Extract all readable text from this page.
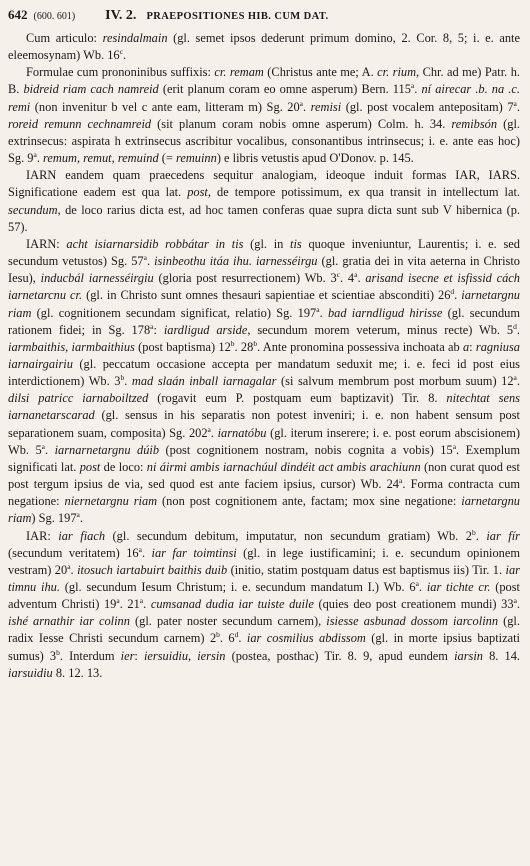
642 (600. 601) IV. 2. PRAEPOSITIONES HIB. CUM DAT.

Cum articulo: resindalmain (gl. semet ipsos dederunt primum domino, 2. Cor. 8, 5; i. e. ante eleemosynam) Wb. 16$^c$.

Formulae cum prononinibus suffixis: cr. remam (Christus ante me; A. cr. rium, Chr. ad me) Patr. h. B. bidreid riam cach namreid (erit planum coram eo omne asperum) Bern. 115$^a$. ní airecar .b. na .c. remi (non invenitur b vel c ante eam, litteram m) Sg. 20$^a$. remisi (gl. post vocalem antepositam) 7$^a$. roreid remunn cechnamreid (sit planum coram nobis omne asperum) Colm. h. 34. remibsón (gl. extrinsecus: aspirata h extrinsecus ascribitur vocalibus, consonantibus intrinsecus; i. e. ante eas hoc) Sg. 9$^a$. remum, remut, remuind (= remuinn) e libris vetustis apud O'Donov. p. 145.

IARN eandem quam praecedens sequitur analogiam, ideoque induit formas IAR, IARS. Significatione eadem est qua lat. post, de tempore potissimum, ex qua transit in intellectum lat. secundum, de loco rarius dicta est, ad hoc tamen conferas quae supra dicta sunt sub V hibernica (p. 57).

IARN: acht isiarnarsidib robbátar in tis (gl. in tis quoque inveniuntur, Laurentis; i. e. sed secundum vetustos) Sg. 57$^a$. isinbeothu itáa ihu. iarnesséirgu (gl. gratia dei in vita aeterna in Christo Iesu), inducbál iarnesséirgiu (gloria post resurrectionem) Wb. 3$^c$. 4$^a$. arisand isecne et isfissid cách iarnetarcnu cr. (gl. in Christo sunt omnes thesauri sapientiae et scientiae absconditi) 26$^d$. iarnetargnu riam (gl. cognitionem secundam significat, relatio) Sg. 197$^a$. bad iarndligud hirisse (gl. secundum rationem fidei; in Sg. 178$^a$: iardligud arside, secundum morem veterum, minus recte) Wb. 5$^d$. iarmbaithis, iarmbaithius (post baptisma) 12$^b$. 28$^b$. Ante pronomina possessiva inchoata ab a: ragniusa iarnairgairiu (gl. peccatum occasione accepta per mandatum seduxit me; i. e. feci id post eius interdictionem) Wb. 3$^b$. mad slaán inball iarnagalar (si salvum membrum post morbum suum) 12$^a$. dilsi patricc iarnaboiltzed (rogavit eum P. postquam eum baptizavit) Tir. 8. nitechtat sens iarnanetarscarad (gl. sensus in his separatis non potest inveniri; i. e. non habent sensum post separationem suam, composita) Sg. 202$^a$. iarnatóbu (gl. iterum inserere; i. e. post eorum abscisionem) Wb. 5$^a$. iarnarnetargnu dúib (post cognitionem nostram, nobis cognita a vobis) 15$^a$. Exemplum significati lat. post de loco: ni áirmi ambis iarnachúul dindéit act ambis arachiunn (non curat quod est post tergum ipsius de via, sed quod est ante faciem ipsius, cursor) Wb. 24$^a$. Forma contracta cum negatione: niernetargnu riam (non post cognitionem ante, factam; mox sine negatione: iarnetargnu riam) Sg. 197$^a$.

IAR: iar fiach (gl. secundum debitum, imputatur, non secundum gratiam) Wb. 2$^b$. iar fír (secundum veritatem) 16$^a$. iar far toimtinsi (gl. in lege iustificamini; i. e. secundum opinionem vestram) 20$^a$. itosuch iartabuirt baithis duib (initio, statim postquam datus est baptismus iis) Tir. 1. iar timnu ihu. (gl. secundum Iesum Christum; i. e. secundum mandatum I.) Wb. 6$^a$. iar tichte cr. (post adventum Christi) 19$^a$. 21$^a$. cumsanad dudia iar tuiste duile (quies deo post creationem mundi) 33$^a$. ishé arnathir iar colinn (gl. pater noster secundum carnem), isiesse asbunad dossom iarcolinn (gl. radix Iesse Christi secundum carnem) 2$^b$. 6$^d$. iar cosmilius abdissom (gl. in morte ipsius baptizati sumus) 3$^b$. Interdum ier: iersuidiu, iersin (postea, posthac) Tir. 8. 9, apud eundem iarsin 8. 14. iarsuidiu 8. 12. 13.
